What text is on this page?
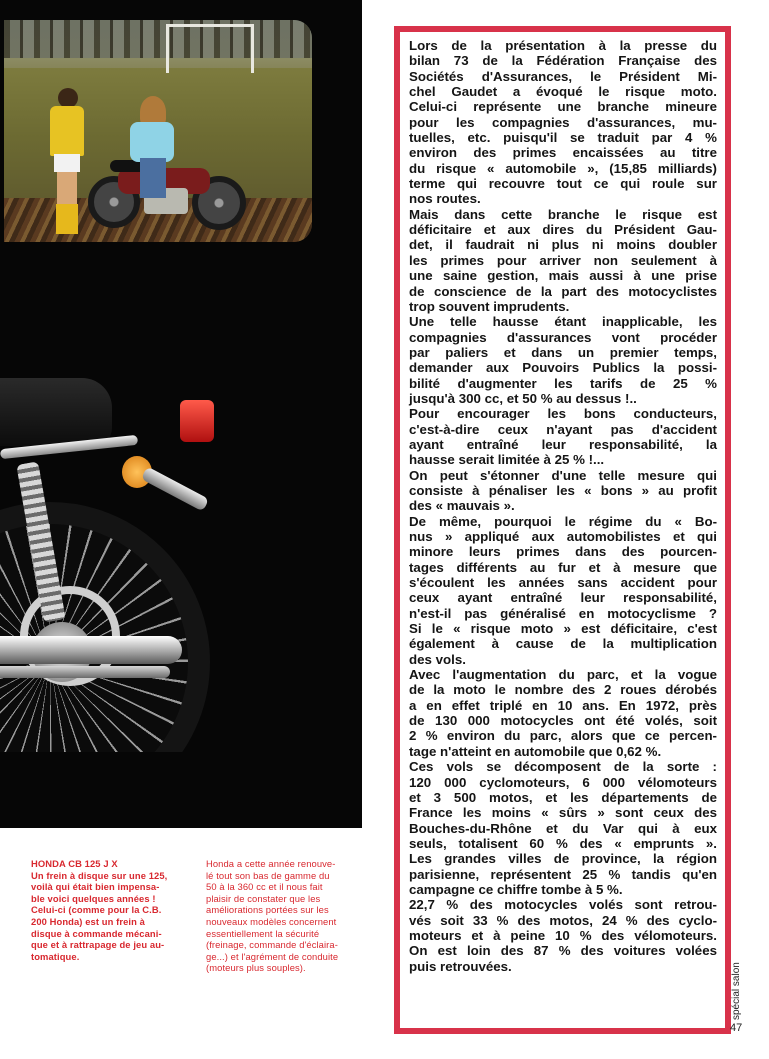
HONDA CB 125 J X
Un frein à disque sur une 125,
voilà qui était bien impensa-
ble voici quelques années !
Celui-ci (comme pour la C.B.
200 Honda) est un frein à
disque à commande mécani-
que et à rattrapage de jeu au-
tomatique.
Honda a cette année renouve-
lé tout son bas de gamme du
50 à la 360 cc et il nous fait
plaisir de constater que les
améliorations portées sur les
nouveaux modèles concernent
essentiellement la sécurité
(freinage, commande d'éclaira-
ge...) et l'agrément de conduite
(moteurs plus souples).
Lors de la présentation à la presse du
bilan 73 de la Fédération Française des
Sociétés d'Assurances, le Président Mi-
chel Gaudet a évoqué le risque moto.
Celui-ci représente une branche mineure
pour les compagnies d'assurances, mu-
tuelles, etc. puisqu'il se traduit par 4 %
environ des primes encaissées au titre
du risque « automobile », (15,85 milliards)
terme qui recouvre tout ce qui roule sur
nos routes.
Mais dans cette branche le risque est
déficitaire et aux dires du Président Gau-
det, il faudrait ni plus ni moins doubler
les primes pour arriver non seulement à
une saine gestion, mais aussi à une prise
de conscience de la part des motocyclistes
trop souvent imprudents.
Une telle hausse étant inapplicable, les
compagnies d'assurances vont procéder
par paliers et dans un premier temps,
demander aux Pouvoirs Publics la possi-
bilité d'augmenter les tarifs de 25 %
jusqu'à 300 cc, et 50 % au dessus !..
Pour encourager les bons conducteurs,
c'est-à-dire ceux n'ayant pas d'accident
ayant entraîné leur responsabilité, la
hausse serait limitée à 25 % !...
On peut s'étonner d'une telle mesure qui
consiste à pénaliser les « bons » au profit
des « mauvais ».
De même, pourquoi le régime du « Bo-
nus » appliqué aux automobilistes et qui
minore leurs primes dans des pourcen-
tages différents au fur et à mesure que
s'écoulent les années sans accident pour
ceux ayant entraîné leur responsabilité,
n'est-il pas généralisé en motocyclisme ?
Si le « risque moto » est déficitaire, c'est
également à cause de la multiplication
des vols.
Avec l'augmentation du parc, et la vogue
de la moto le nombre des 2 roues dérobés
a en effet triplé en 10 ans. En 1972, près
de 130 000 motocycles ont été volés, soit
2 % environ du parc, alors que ce percen-
tage n'atteint en automobile que 0,62 %.
Ces vols se décomposent de la sorte :
120 000 cyclomoteurs, 6 000 vélomoteurs
et 3 500 motos, et les départements de
France les moins « sûrs » sont ceux des
Bouches-du-Rhône et du Var qui à eux
seuls, totalisent 60 % des « emprunts ».
Les grandes villes de province, la région
parisienne, représentent 25 % tandis qu'en
campagne ce chiffre tombe à 5 %.
22,7 % des motocycles volés sont retrou-
vés soit 33 % des motos, 24 % des cyclo-
moteurs et à peine 10 % des vélomoteurs.
On est loin des 87 % des voitures volées
puis retrouvées.	spécial salon
47
